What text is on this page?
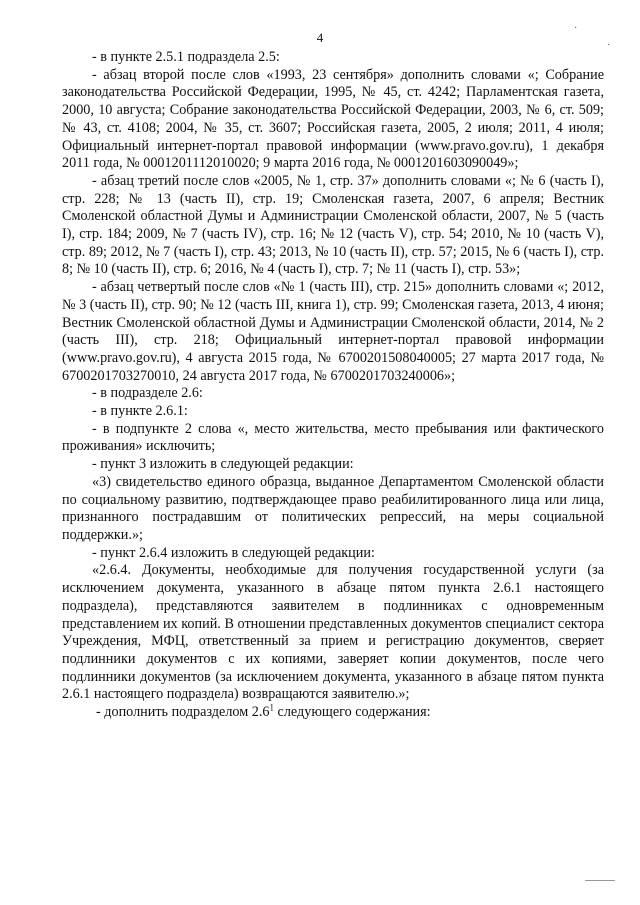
4
·
·

- в пункте 2.5.1 подраздела 2.5:

- абзац второй после слов «1993, 23 сентября» дополнить словами «; Собрание законодательства Российской Федерации, 1995, № 45, ст. 4242; Парламентская газета, 2000, 10 августа; Собрание законодательства Российской Федерации, 2003, № 6, ст. 509; № 43, ст. 4108; 2004, № 35, ст. 3607; Российская газета, 2005, 2 июля; 2011, 4 июля; Официальный интернет-портал правовой информации (www.pravo.gov.ru), 1 декабря 2011 года, № 0001201112010020; 9 марта 2016 года, № 0001201603090049»;

- абзац третий после слов «2005, № 1, стр. 37» дополнить словами «; № 6 (часть I), стр. 228; № 13 (часть II), стр. 19; Смоленская газета, 2007, 6 апреля; Вестник Смоленской областной Думы и Администрации Смоленской области, 2007, № 5 (часть I), стр. 184; 2009, № 7 (часть IV), стр. 16; № 12 (часть V), стр. 54; 2010, № 10 (часть V), стр. 89; 2012, № 7 (часть I), стр. 43; 2013, № 10 (часть II), стр. 57; 2015, № 6 (часть I), стр. 8; № 10 (часть II), стр. 6; 2016, № 4 (часть I), стр. 7; № 11 (часть I), стр. 53»;

- абзац четвертый после слов «№ 1 (часть III), стр. 215» дополнить словами «; 2012, № 3 (часть II), стр. 90; № 12 (часть III, книга 1), стр. 99; Смоленская газета, 2013, 4 июня; Вестник Смоленской областной Думы и Администрации Смоленской области, 2014, № 2 (часть III), стр. 218; Официальный интернет-портал правовой информации (www.pravo.gov.ru), 4 августа 2015 года, № 6700201508040005; 27 марта 2017 года, № 6700201703270010, 24 августа 2017 года, № 6700201703240006»;

- в подразделе 2.6:

- в пункте 2.6.1:

- в подпункте 2 слова «, место жительства, место пребывания или фактического проживания» исключить;

- пункт 3 изложить в следующей редакции:

«3) свидетельство единого образца, выданное Департаментом Смоленской области по социальному развитию, подтверждающее право реабилитированного лица или лица, признанного пострадавшим от политических репрессий, на меры социальной поддержки.»;

- пункт 2.6.4 изложить в следующей редакции:

«2.6.4. Документы, необходимые для получения государственной услуги (за исключением документа, указанного в абзаце пятом пункта 2.6.1 настоящего подраздела), представляются заявителем в подлинниках с одновременным представлением их копий. В отношении представленных документов специалист сектора Учреждения, МФЦ, ответственный за прием и регистрацию документов, сверяет подлинники документов с их копиями, заверяет копии документов, после чего подлинники документов (за исключением документа, указанного в абзаце пятом пункта 2.6.1 настоящего подраздела) возвращаются заявителю.»;

- дополнить подразделом $2.6^1$ следующего содержания:
